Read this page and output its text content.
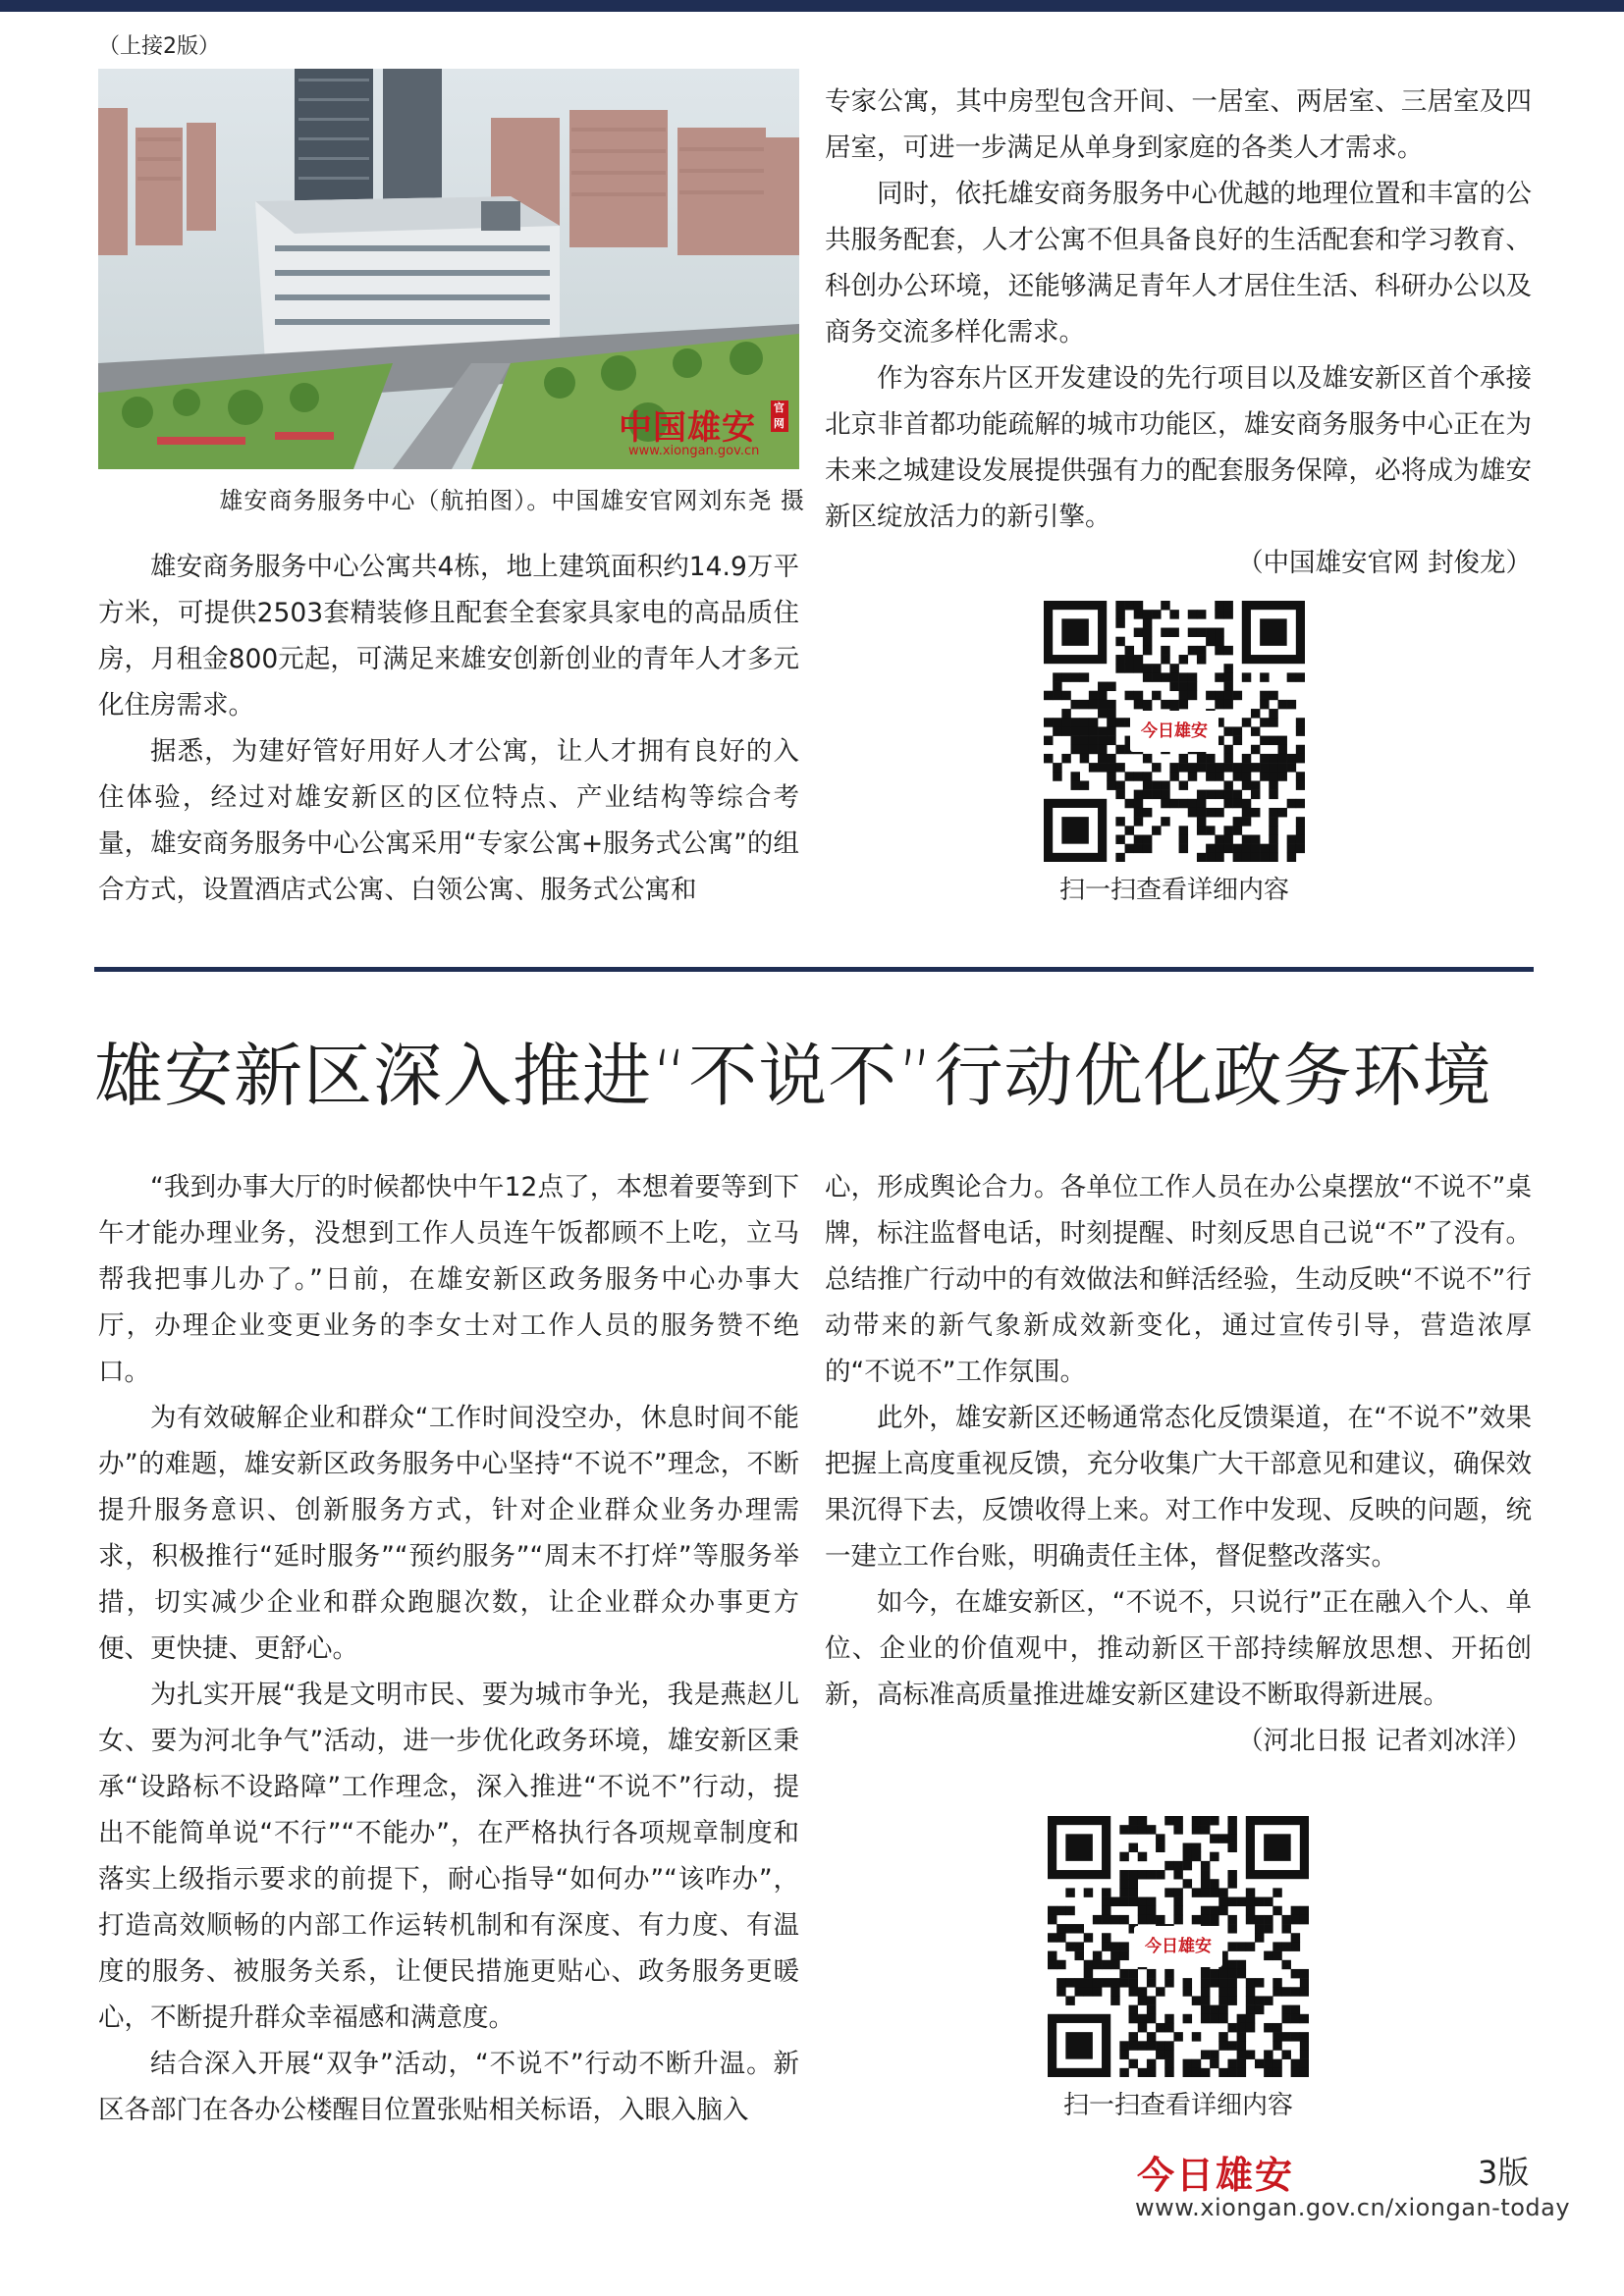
（上接2版）
中国雄安 官网
www.xiongan.gov.cn
雄安商务服务中心（航拍图）。中国雄安官网刘东尧 摄

雄安商务服务中心公寓共4栋，地上建筑面积约14.9万平方米，可提供2503套精装修且配套全套家具家电的高品质住房，月租金800元起，可满足来雄安创新创业的青年人才多元化住房需求。

据悉，为建好管好用好人才公寓，让人才拥有良好的入住体验，经过对雄安新区的区位特点、产业结构等综合考量，雄安商务服务中心公寓采用“专家公寓+服务式公寓”的组合方式，设置酒店式公寓、白领公寓、服务式公寓和

专家公寓，其中房型包含开间、一居室、两居室、三居室及四居室，可进一步满足从单身到家庭的各类人才需求。

同时，依托雄安商务服务中心优越的地理位置和丰富的公共服务配套，人才公寓不但具备良好的生活配套和学习教育、科创办公环境，还能够满足青年人才居住生活、科研办公以及商务交流多样化需求。

作为容东片区开发建设的先行项目以及雄安新区首个承接北京非首都功能疏解的城市功能区，雄安商务服务中心正在为未来之城建设发展提供强有力的配套服务保障，必将成为雄安新区绽放活力的新引擎。

（中国雄安官网 封俊龙）

今日雄安
扫一扫查看详细内容
雄安新区深入推进“不说不”行动优化政务环境

“我到办事大厅的时候都快中午12点了，本想着要等到下午才能办理业务，没想到工作人员连午饭都顾不上吃，立马帮我把事儿办了。”日前，在雄安新区政务服务中心办事大厅，办理企业变更业务的李女士对工作人员的服务赞不绝口。

为有效破解企业和群众“工作时间没空办，休息时间不能办”的难题，雄安新区政务服务中心坚持“不说不”理念，不断提升服务意识、创新服务方式，针对企业群众业务办理需求，积极推行“延时服务”“预约服务”“周末不打烊”等服务举措，切实减少企业和群众跑腿次数，让企业群众办事更方便、更快捷、更舒心。

为扎实开展“我是文明市民、要为城市争光，我是燕赵儿女、要为河北争气”活动，进一步优化政务环境，雄安新区秉承“设路标不设路障”工作理念，深入推进“不说不”行动，提出不能简单说“不行”“不能办”，在严格执行各项规章制度和落实上级指示要求的前提下，耐心指导“如何办”“该咋办”，打造高效顺畅的内部工作运转机制和有深度、有力度、有温度的服务、被服务关系，让便民措施更贴心、政务服务更暖心，不断提升群众幸福感和满意度。

结合深入开展“双争”活动，“不说不”行动不断升温。新区各部门在各办公楼醒目位置张贴相关标语，入眼入脑入

心，形成舆论合力。各单位工作人员在办公桌摆放“不说不”桌牌，标注监督电话，时刻提醒、时刻反思自己说“不”了没有。总结推广行动中的有效做法和鲜活经验，生动反映“不说不”行动带来的新气象新成效新变化，通过宣传引导，营造浓厚的“不说不”工作氛围。

此外，雄安新区还畅通常态化反馈渠道，在“不说不”效果把握上高度重视反馈，充分收集广大干部意见和建议，确保效果沉得下去，反馈收得上来。对工作中发现、反映的问题，统一建立工作台账，明确责任主体，督促整改落实。

如今，在雄安新区，“不说不，只说行”正在融入个人、单位、企业的价值观中，推动新区干部持续解放思想、开拓创新，高标准高质量推进雄安新区建设不断取得新进展。

（河北日报 记者刘冰洋）

今日雄安
扫一扫查看详细内容
今日雄安	3版
www.xiongan.gov.cn/xiongan-today
